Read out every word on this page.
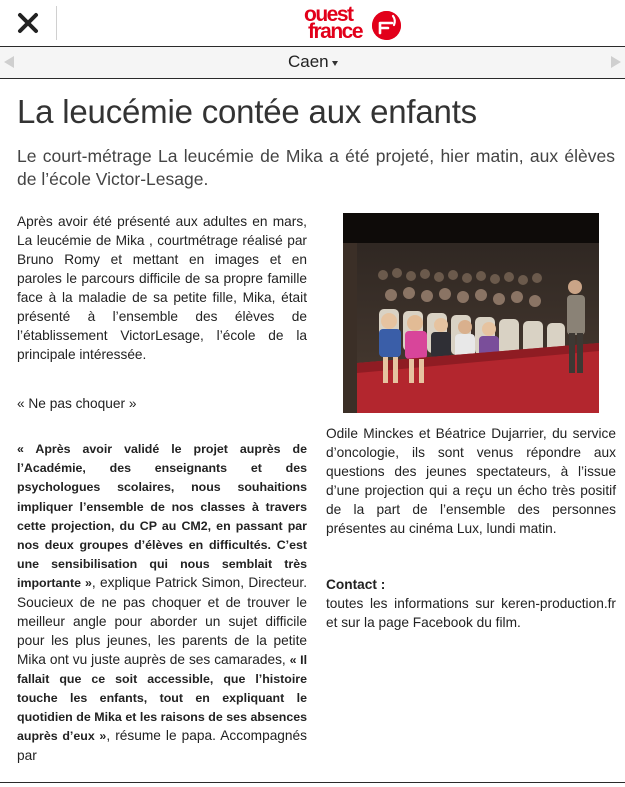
ouest
france
Caen
La leucémie contée aux enfants

Le court-métrage La leucémie de Mika a été projeté, hier matin, aux élèves de l’école Victor-Lesage.

Après avoir été présenté aux adultes en mars, La leucémie de Mika , courtmétrage réalisé par Bruno Romy et mettant en images et en paroles le parcours difficile de sa propre famille face à la maladie de sa petite fille, Mika, était présenté à l’ensemble des élèves de l’établissement VictorLesage, l’école de la principale intéressée.

« Ne pas choquer »

« Après avoir validé le projet auprès de l’Académie, des enseignants et des psychologues scolaires, nous souhaitions impliquer l’ensemble de nos classes à travers cette projection, du CP au CM2, en passant par nos deux groupes d’élèves en difficultés. C’est une sensibilisation qui nous semblait très importante », explique Patrick Simon, Directeur. Soucieux de ne pas choquer et de trouver le meilleur angle pour aborder un sujet difficile pour les plus jeunes, les parents de la petite Mika ont vu juste auprès de ses camarades, « Il fallait que ce soit accessible, que l’histoire touche les enfants, tout en expliquant le quotidien de Mika et les raisons de ses absences auprès d’eux », résume le papa. Accompagnés par

Odile Minckes et Béatrice Dujarrier, du service d’oncologie, ils sont venus répondre aux questions des jeunes spectateurs, à l’issue d’une projection qui a reçu un écho très positif de la part de l’ensemble des personnes présentes au cinéma Lux, lundi matin.

Contact :

toutes les informations sur keren-production.fr et sur la page Facebook du film.
